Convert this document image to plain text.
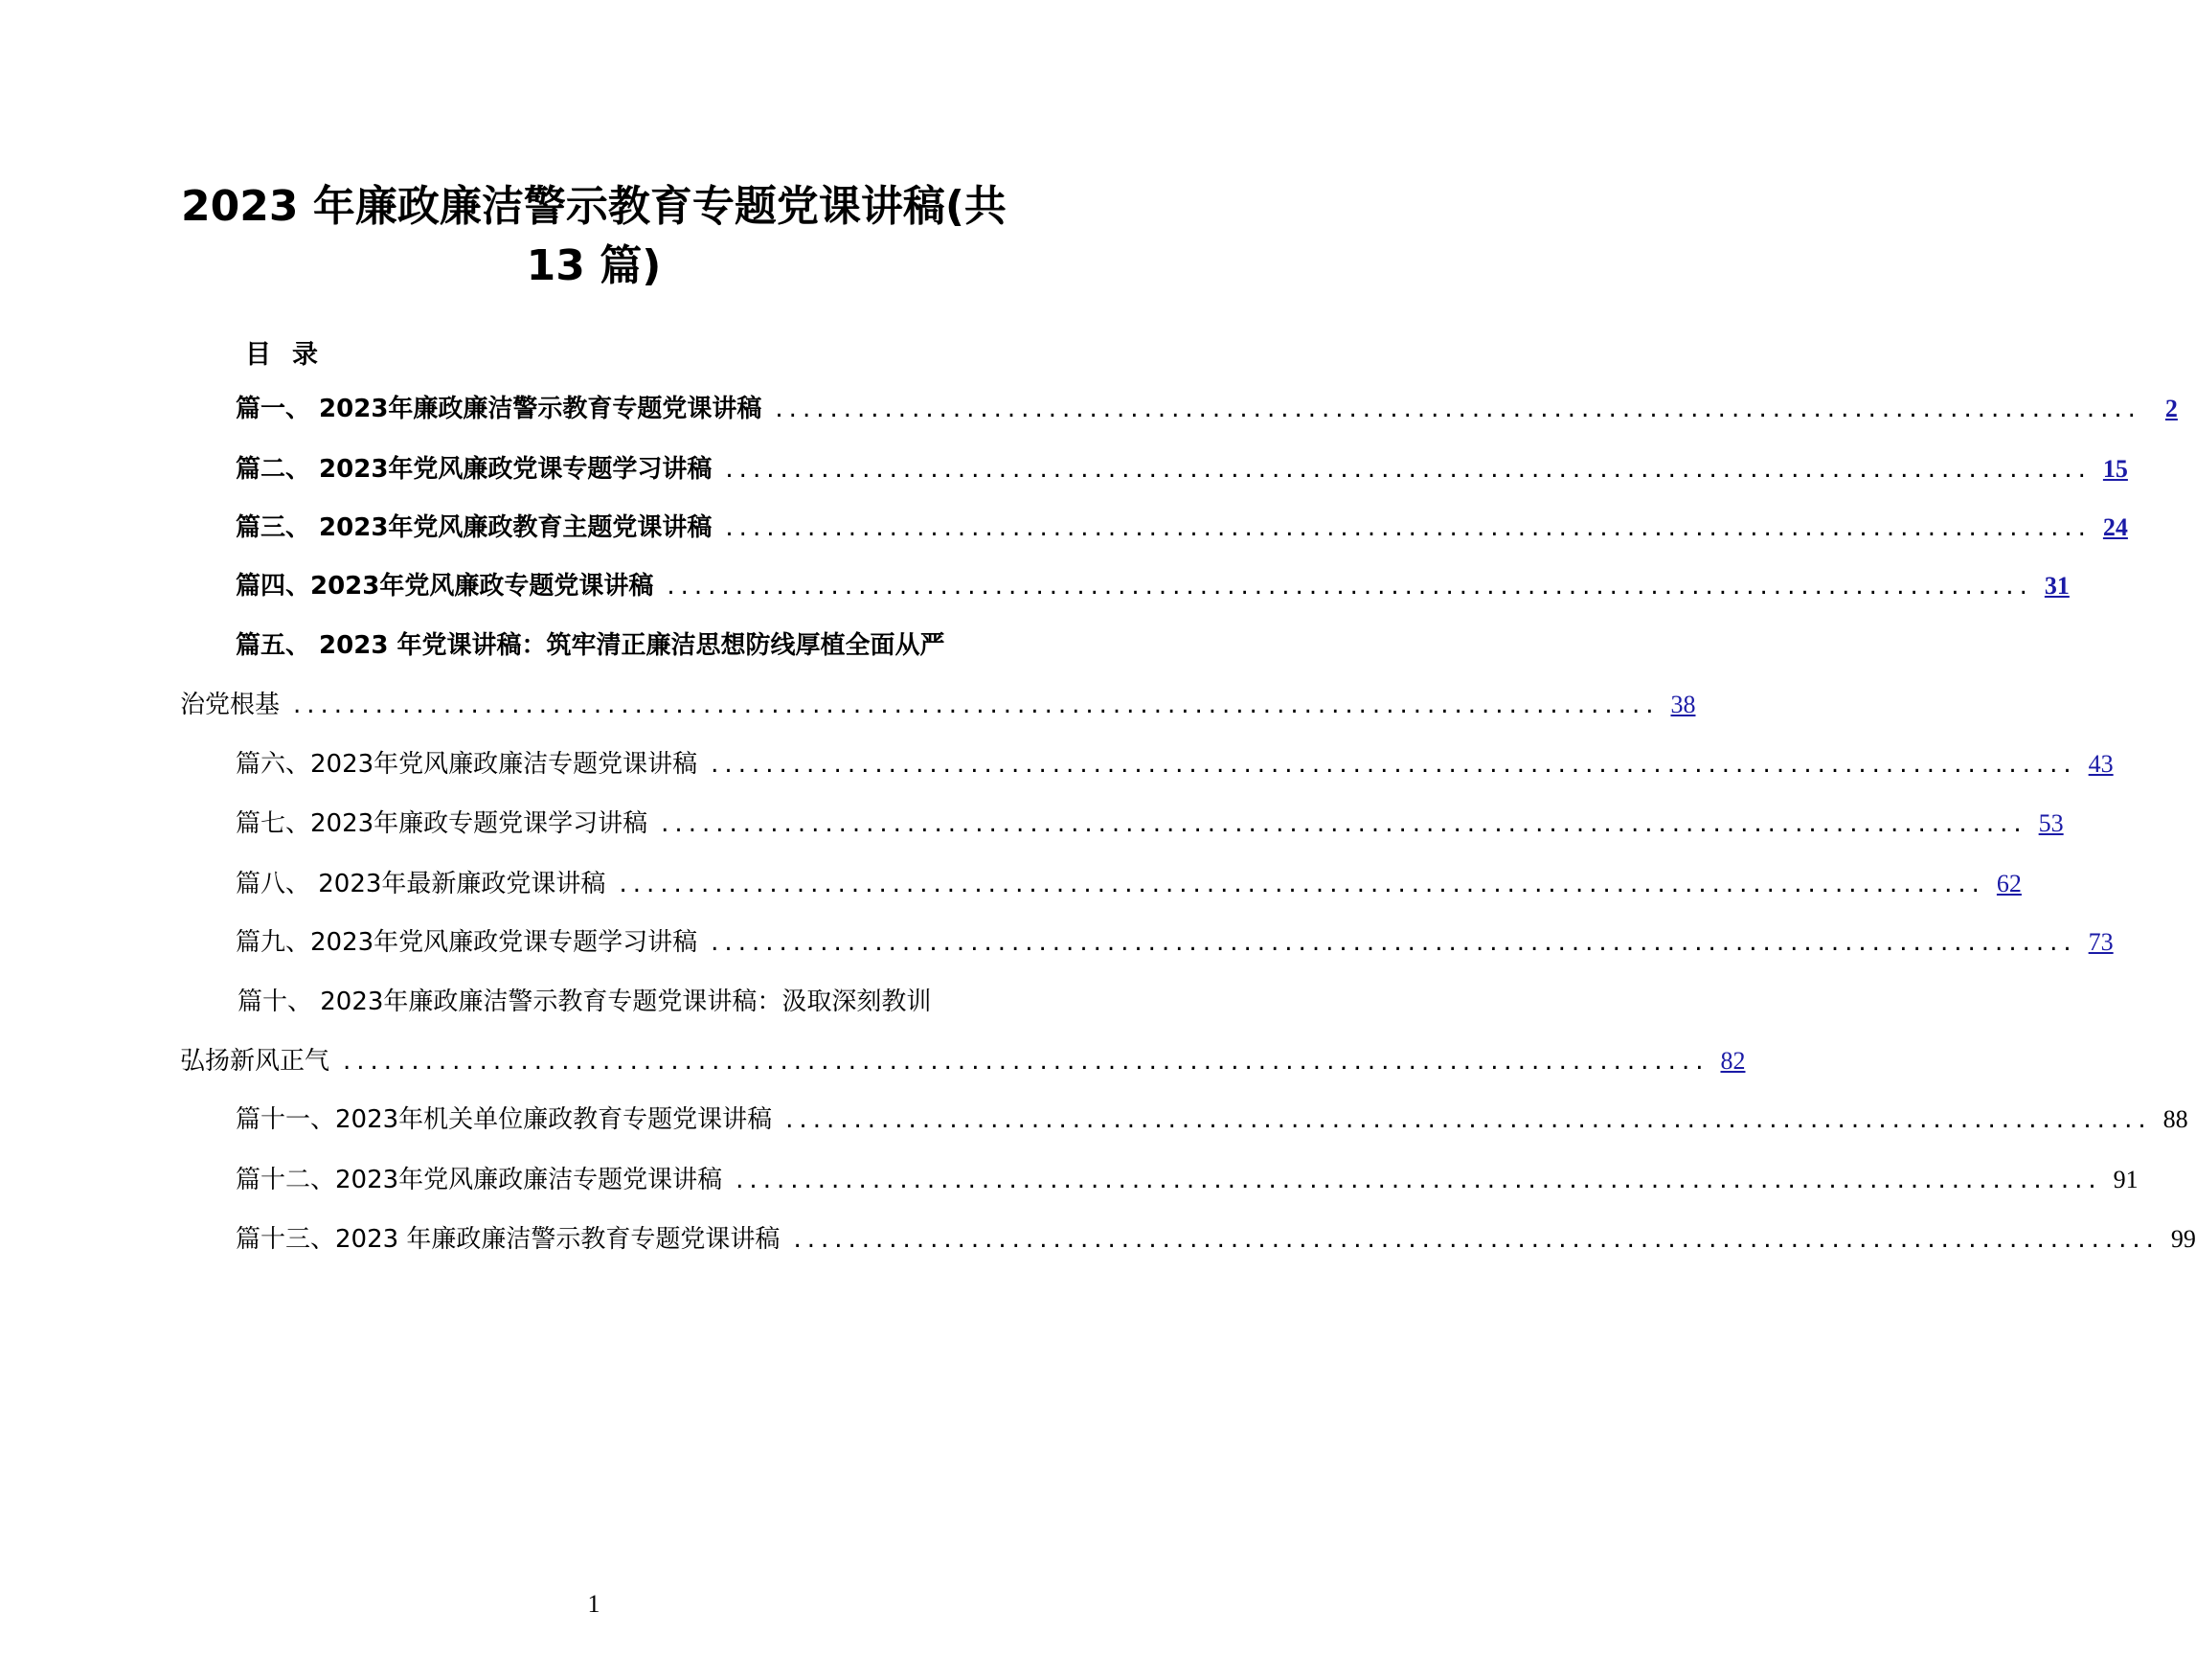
2023 年廉政廉洁警示教育专题党课讲稿(共
13 篇)
目录
篇一、 2023年廉政廉洁警示教育专题党课讲稿 .................................................................................................... 2
篇二、 2023年党风廉政党课专题学习讲稿 .................................................................................................... 15
篇三、 2023年党风廉政教育主题党课讲稿 .................................................................................................... 24
篇四、2023年党风廉政专题党课讲稿 .................................................................................................... 31
篇五、 2023 年党课讲稿：筑牢清正廉洁思想防线厚植全面从严
治党根基 .................................................................................................... 38
篇六、2023年党风廉政廉洁专题党课讲稿 .................................................................................................... 43
篇七、2023年廉政专题党课学习讲稿 .................................................................................................... 53
篇八、 2023年最新廉政党课讲稿 .................................................................................................... 62
篇九、2023年党风廉政党课专题学习讲稿 .................................................................................................... 73
篇十、 2023年廉政廉洁警示教育专题党课讲稿：汲取深刻教训
弘扬新风正气 .................................................................................................... 82
篇十一、2023年机关单位廉政教育专题党课讲稿 .................................................................................................... 88
篇十二、2023年党风廉政廉洁专题党课讲稿 .................................................................................................... 91
篇十三、2023 年廉政廉洁警示教育专题党课讲稿 .................................................................................................... 99
1
